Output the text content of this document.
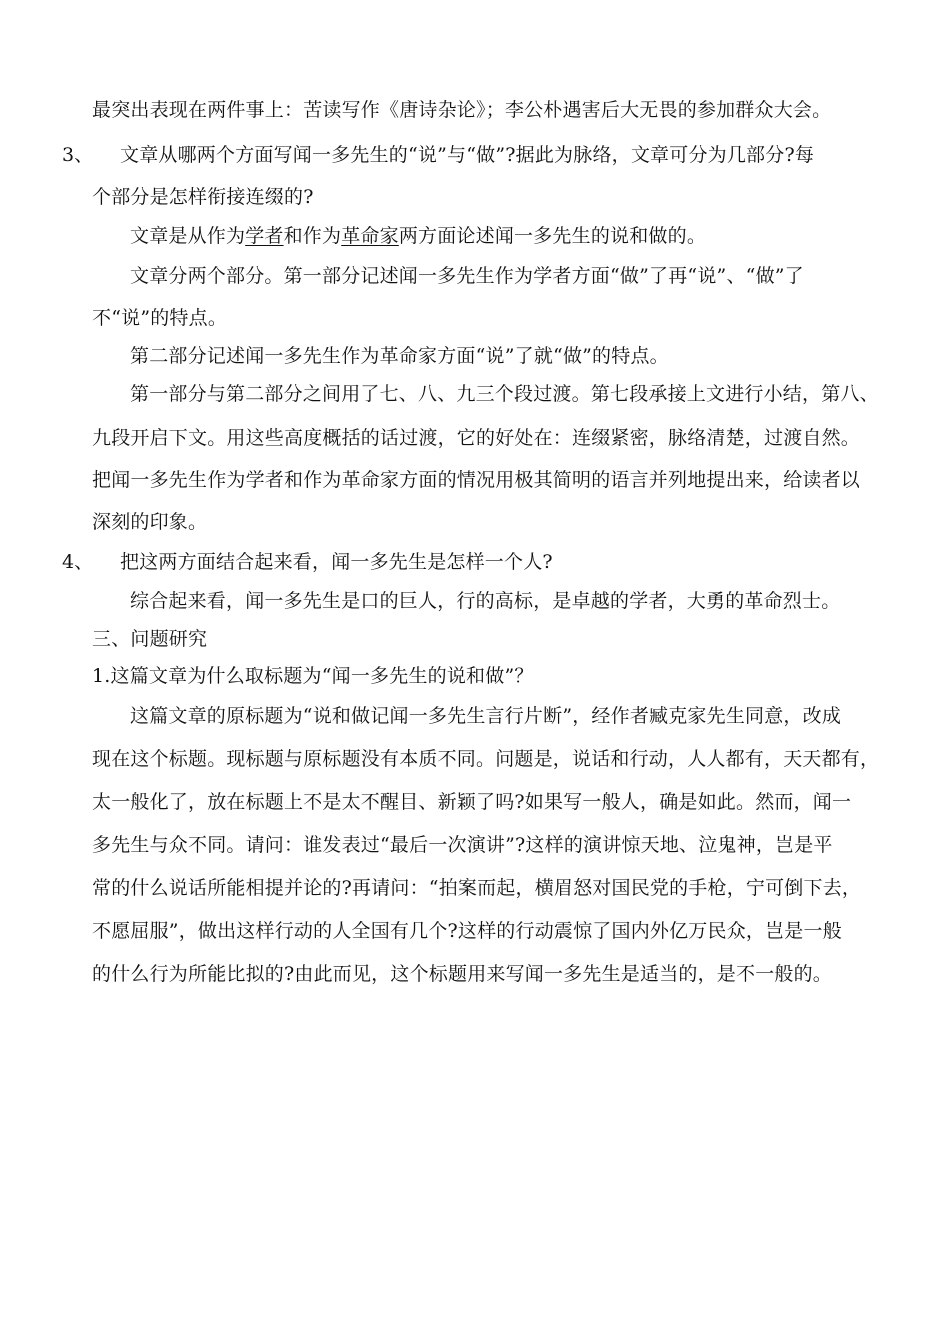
最突出表现在两件事上：苦读写作《唐诗杂论》；李公朴遇害后大无畏的参加群众大会。
3、 文章从哪两个方面写闻一多先生的“说”与“做”?据此为脉络，文章可分为几部分?每
个部分是怎样衔接连缀的?
文章是从作为学者和作为革命家两方面论述闻一多先生的说和做的。
文章分两个部分。第一部分记述闻一多先生作为学者方面“做”了再“说”、“做”了
不“说”的特点。
第二部分记述闻一多先生作为革命家方面“说”了就“做”的特点。
第一部分与第二部分之间用了七、八、九三个段过渡。第七段承接上文进行小结，第八、
九段开启下文。用这些高度概括的话过渡，它的好处在：连缀紧密，脉络清楚，过渡自然。
把闻一多先生作为学者和作为革命家方面的情况用极其简明的语言并列地提出来，给读者以
深刻的印象。
4、 把这两方面结合起来看，闻一多先生是怎样一个人?
综合起来看，闻一多先生是口的巨人，行的高标，是卓越的学者，大勇的革命烈士。
三、问题研究
1.这篇文章为什么取标题为“闻一多先生的说和做”？
这篇文章的原标题为“说和做记闻一多先生言行片断”，经作者臧克家先生同意，改成
现在这个标题。现标题与原标题没有本质不同。问题是，说话和行动，人人都有，天天都有，
太一般化了，放在标题上不是太不醒目、新颖了吗?如果写一般人，确是如此。然而，闻一
多先生与众不同。请问：谁发表过“最后一次演讲”?这样的演讲惊天地、泣鬼神，岂是平
常的什么说话所能相提并论的?再请问：“拍案而起，横眉怒对国民党的手枪，宁可倒下去，
不愿屈服”，做出这样行动的人全国有几个?这样的行动震惊了国内外亿万民众，岂是一般
的什么行为所能比拟的?由此而见，这个标题用来写闻一多先生是适当的，是不一般的。
